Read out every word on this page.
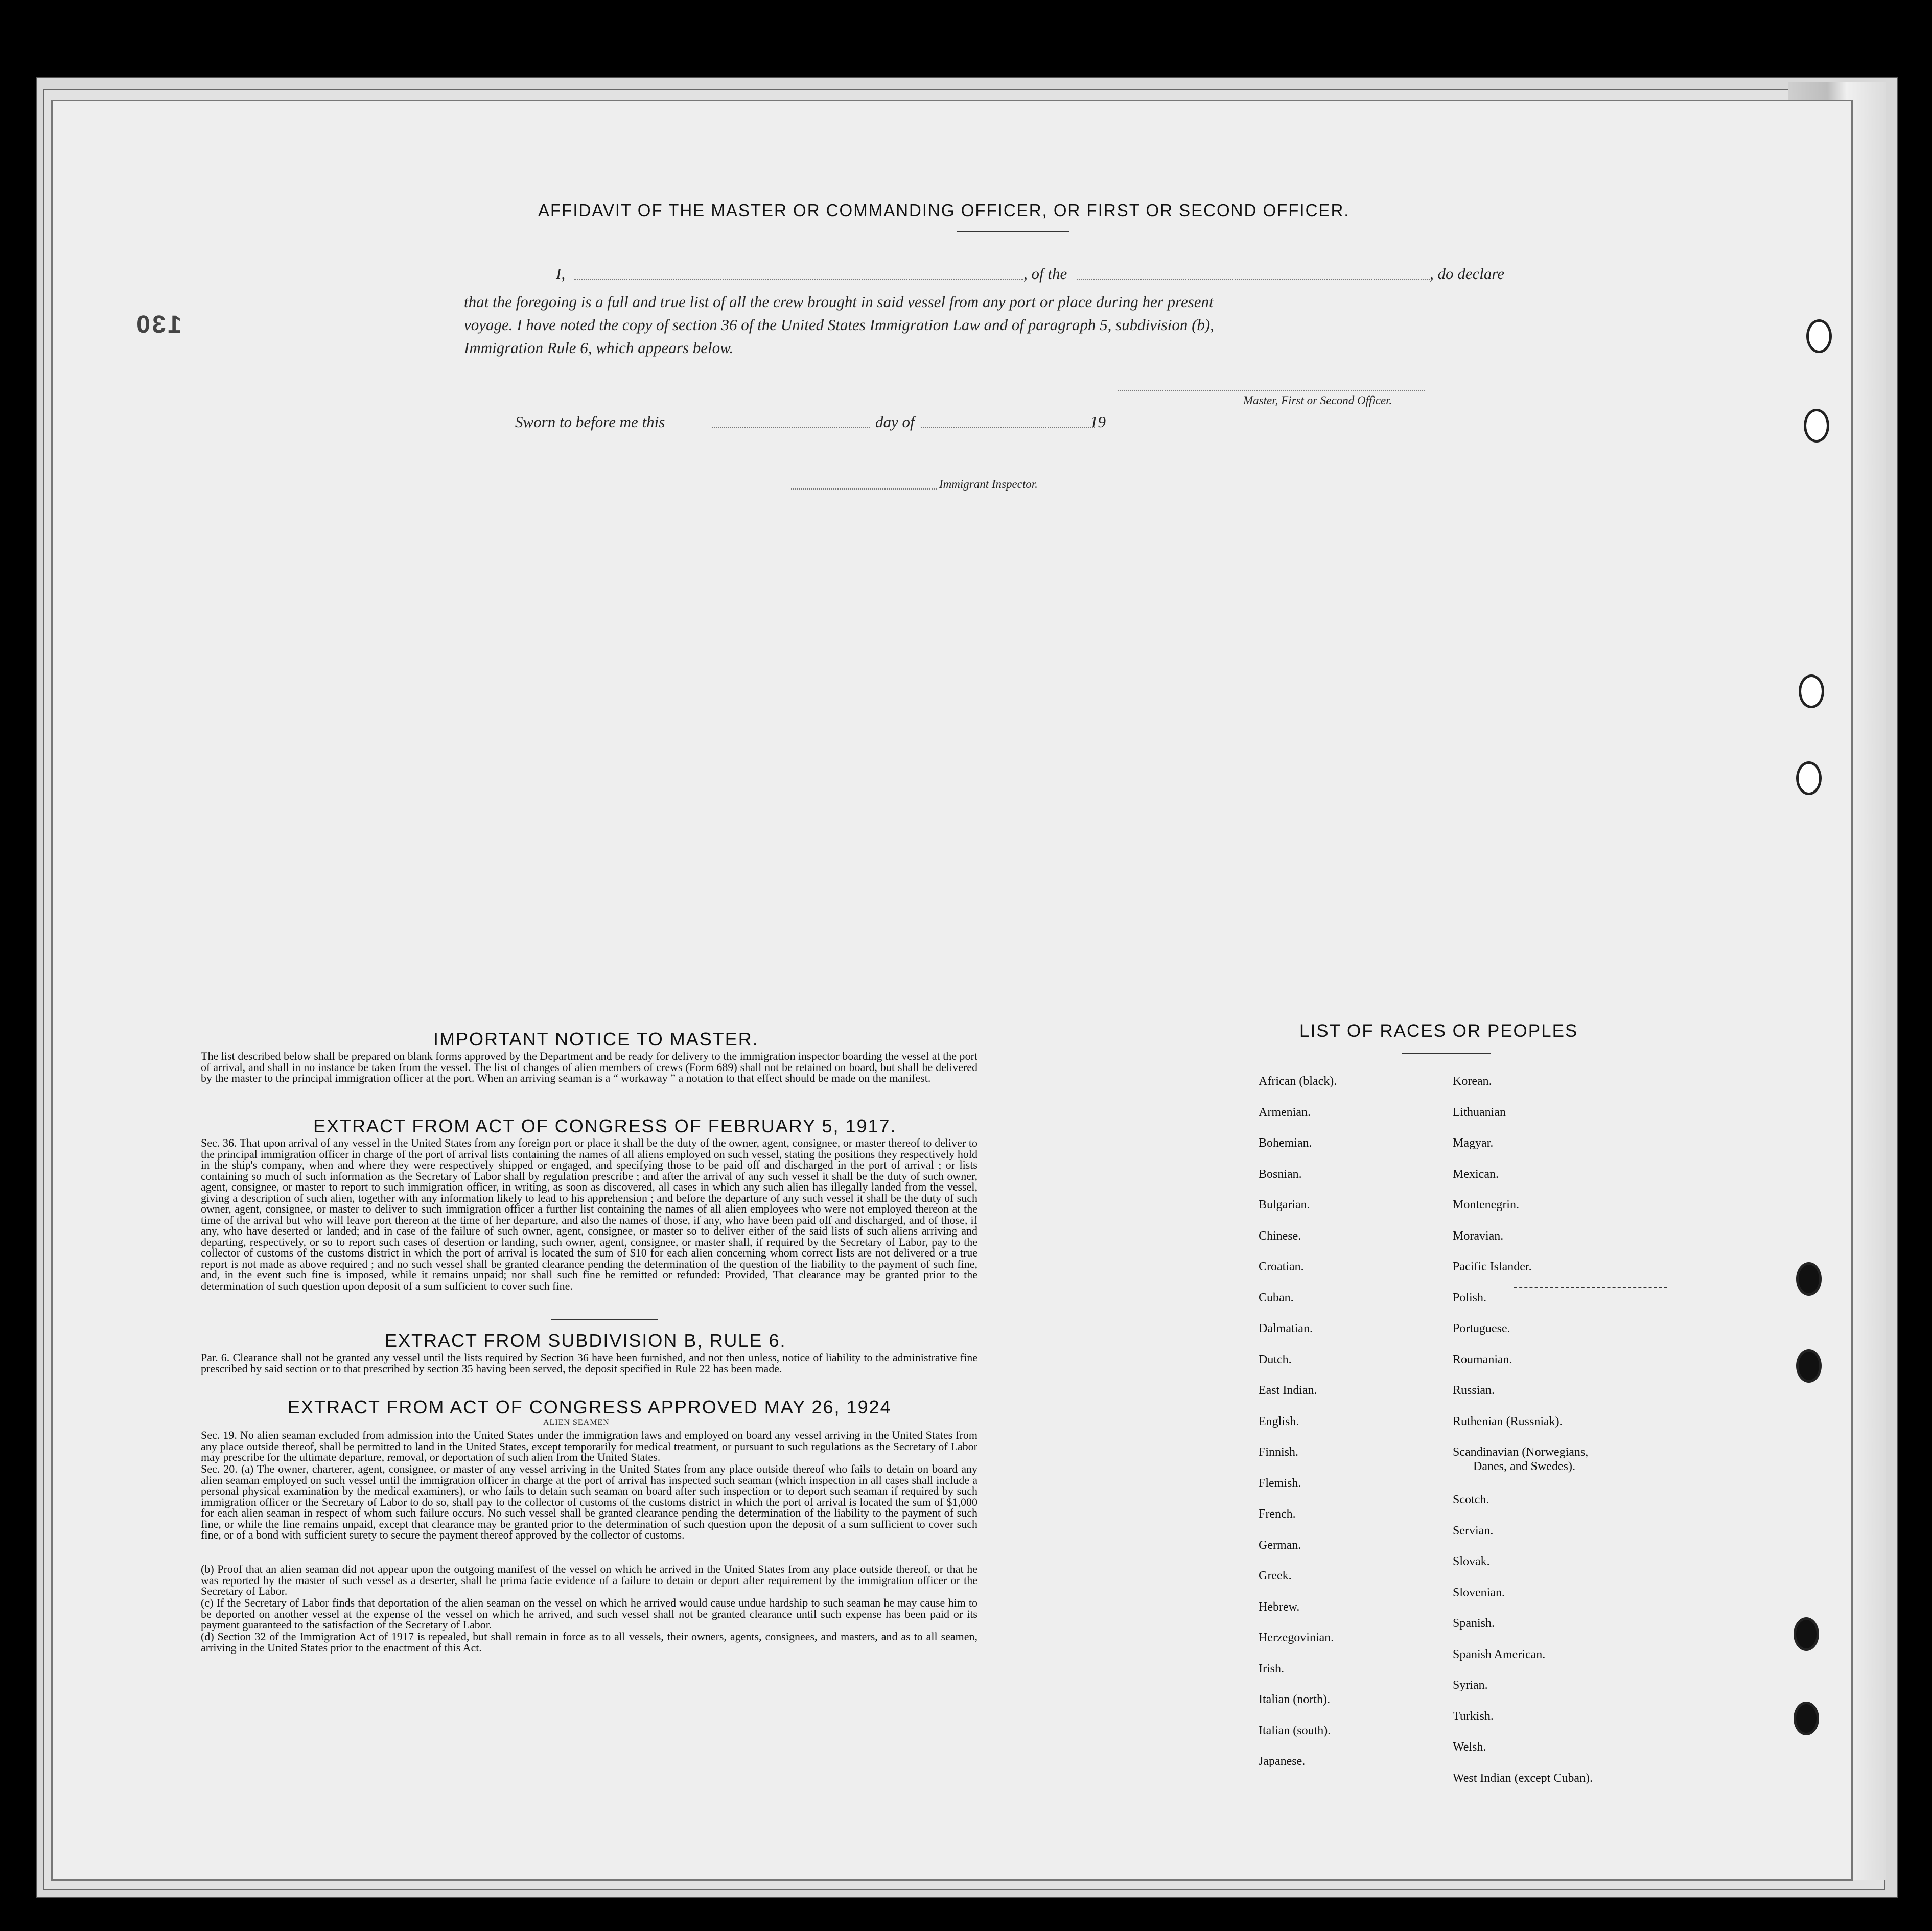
130
AFFIDAVIT OF THE MASTER OR COMMANDING OFFICER, OR FIRST OR SECOND OFFICER.
I,	, of the	, do declare
that the foregoing is a full and true list of all the crew brought in said vessel from any port or place during her present
voyage. I have noted the copy of section 36 of the United States Immigration Law and of paragraph 5, subdivision (b),
Immigration Rule 6, which appears below.
Master, First or Second Officer.
Sworn to before me this	day of	19
Immigrant Inspector.
IMPORTANT NOTICE TO MASTER.
The list described below shall be prepared on blank forms approved by the Department and be ready for delivery to the immigration inspector boarding the vessel at the port of arrival, and shall in no instance be taken from the vessel. The list of changes of alien members of crews (Form 689) shall not be retained on board, but shall be delivered by the master to the principal immigration officer at the port. When an arriving seaman is a “ workaway ” a notation to that effect should be made on the manifest.
EXTRACT FROM ACT OF CONGRESS OF FEBRUARY 5, 1917.
Sec. 36. That upon arrival of any vessel in the United States from any foreign port or place it shall be the duty of the owner, agent, consignee, or master thereof to deliver to the principal immigration officer in charge of the port of arrival lists containing the names of all aliens employed on such vessel, stating the positions they respectively hold in the ship's company, when and where they were respectively shipped or engaged, and specifying those to be paid off and discharged in the port of arrival ; or lists containing so much of such information as the Secretary of Labor shall by regulation prescribe ; and after the arrival of any such vessel it shall be the duty of such owner, agent, consignee, or master to report to such immigration officer, in writing, as soon as discovered, all cases in which any such alien has illegally landed from the vessel, giving a description of such alien, together with any information likely to lead to his apprehension ; and before the departure of any such vessel it shall be the duty of such owner, agent, consignee, or master to deliver to such immigration officer a further list containing the names of all alien employees who were not employed thereon at the time of the arrival but who will leave port thereon at the time of her departure, and also the names of those, if any, who have been paid off and discharged, and of those, if any, who have deserted or landed; and in case of the failure of such owner, agent, consignee, or master so to deliver either of the said lists of such aliens arriving and departing, respectively, or so to report such cases of desertion or landing, such owner, agent, consignee, or master shall, if required by the Secretary of Labor, pay to the collector of customs of the customs district in which the port of arrival is located the sum of $10 for each alien concerning whom correct lists are not delivered or a true report is not made as above required ; and no such vessel shall be granted clearance pending the determination of the question of the liability to the payment of such fine, and, in the event such fine is imposed, while it remains unpaid; nor shall such fine be remitted or refunded: Provided, That clearance may be granted prior to the determination of such question upon deposit of a sum sufficient to cover such fine.
EXTRACT FROM SUBDIVISION B, RULE 6.
Par. 6. Clearance shall not be granted any vessel until the lists required by Section 36 have been furnished, and not then unless, notice of liability to the administrative fine prescribed by said section or to that prescribed by section 35 having been served, the deposit specified in Rule 22 has been made.
EXTRACT FROM ACT OF CONGRESS APPROVED MAY 26, 1924
ALIEN SEAMEN
Sec. 19. No alien seaman excluded from admission into the United States under the immigration laws and employed on board any vessel arriving in the United States from any place outside thereof, shall be permitted to land in the United States, except temporarily for medical treatment, or pursuant to such regulations as the Secretary of Labor may prescribe for the ultimate departure, removal, or deportation of such alien from the United States.
Sec. 20. (a) The owner, charterer, agent, consignee, or master of any vessel arriving in the United States from any place outside thereof who fails to detain on board any alien seaman employed on such vessel until the immigration officer in charge at the port of arrival has inspected such seaman (which inspection in all cases shall include a personal physical examination by the medical examiners), or who fails to detain such seaman on board after such inspection or to deport such seaman if required by such immigration officer or the Secretary of Labor to do so, shall pay to the collector of customs of the customs district in which the port of arrival is located the sum of $1,000 for each alien seaman in respect of whom such failure occurs. No such vessel shall be granted clearance pending the determination of the liability to the payment of such fine, or while the fine remains unpaid, except that clearance may be granted prior to the determination of such question upon the deposit of a sum sufficient to cover such fine, or of a bond with sufficient surety to secure the payment thereof approved by the collector of customs.
(b) Proof that an alien seaman did not appear upon the outgoing manifest of the vessel on which he arrived in the United States from any place outside thereof, or that he was reported by the master of such vessel as a deserter, shall be prima facie evidence of a failure to detain or deport after requirement by the immigration officer or the Secretary of Labor.
(c) If the Secretary of Labor finds that deportation of the alien seaman on the vessel on which he arrived would cause undue hardship to such seaman he may cause him to be deported on another vessel at the expense of the vessel on which he arrived, and such vessel shall not be granted clearance until such expense has been paid or its payment guaranteed to the satisfaction of the Secretary of Labor.
(d) Section 32 of the Immigration Act of 1917 is repealed, but shall remain in force as to all vessels, their owners, agents, consignees, and masters, and as to all seamen, arriving in the United States prior to the enactment of this Act.
LIST OF RACES OR PEOPLES
African (black).
Armenian.
Bohemian.
Bosnian.
Bulgarian.
Chinese.
Croatian.
Cuban.
Dalmatian.
Dutch.
East Indian.
English.
Finnish.
Flemish.
French.
German.
Greek.
Hebrew.
Herzegovinian.
Irish.
Italian (north).
Italian (south).
Japanese.
Korean.
Lithuanian
Magyar.
Mexican.
Montenegrin.
Moravian.
Pacific Islander.
Polish.
Portuguese.
Roumanian.
Russian.
Ruthenian (Russniak).
Scandinavian (Norwegians,
Danes, and Swedes).
Scotch.
Servian.
Slovak.
Slovenian.
Spanish.
Spanish American.
Syrian.
Turkish.
Welsh.
West Indian (except Cuban).
